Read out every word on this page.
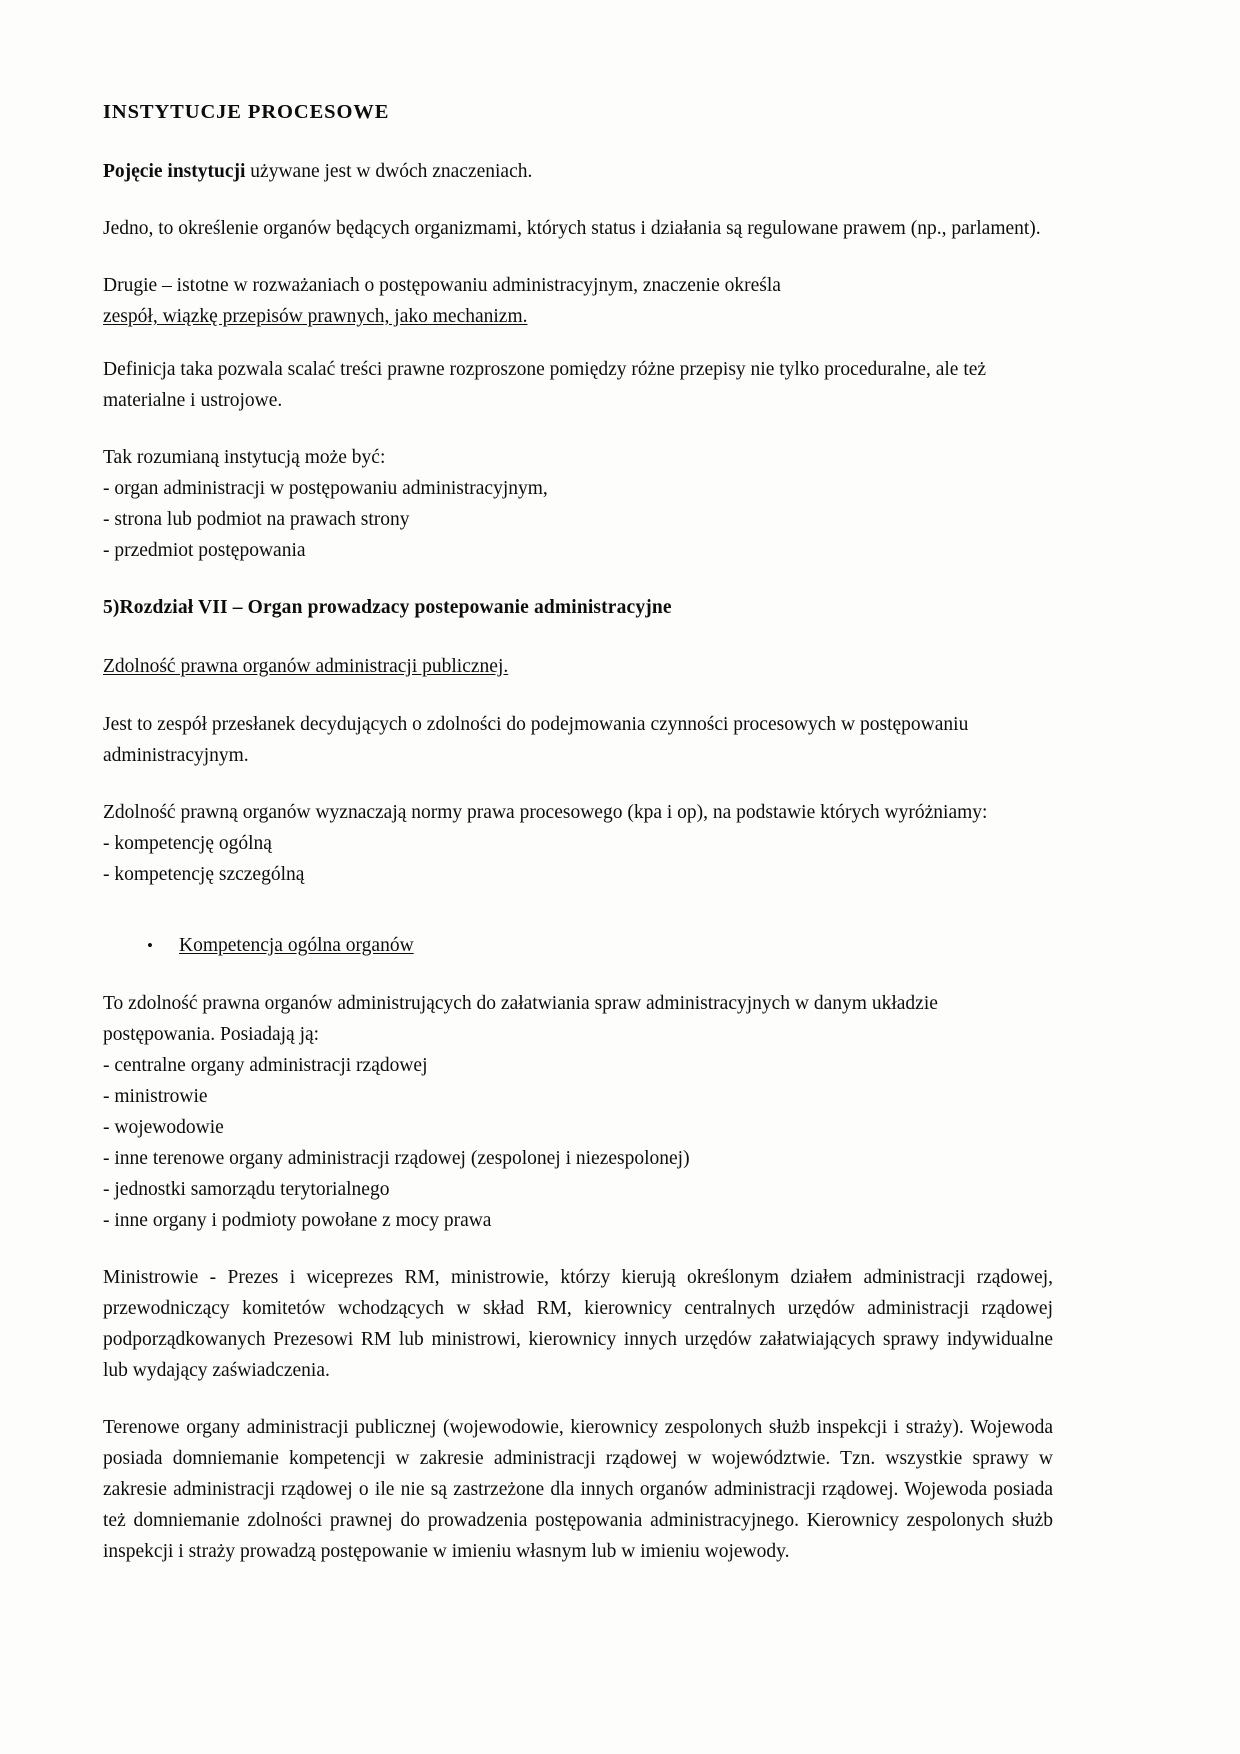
INSTYTUCJE PROCESOWE

Pojęcie instytucji używane jest w dwóch znaczeniach.

Jedno, to określenie organów będących organizmami, których status i działania są regulowane prawem (np., parlament).

Drugie – istotne w rozważaniach o postępowaniu administracyjnym, znaczenie określa
zespół, wiązkę przepisów prawnych, jako mechanizm.

Definicja taka pozwala scalać treści prawne rozproszone pomiędzy różne przepisy nie tylko proceduralne, ale też materialne i ustrojowe.

Tak rozumianą instytucją może być:

- organ administracji w postępowaniu administracyjnym,
- strona lub podmiot na prawach strony
- przedmiot postępowania

5)Rozdział VII – Organ prowadzacy postepowanie administracyjne

Zdolność prawna organów administracji publicznej.

Jest to zespół przesłanek decydujących o zdolności do podejmowania czynności procesowych w postępowaniu administracyjnym.

Zdolność prawną organów wyznaczają normy prawa procesowego (kpa i op), na podstawie których wyróżniamy:

- kompetencję ogólną
- kompetencję szczególną
•
Kompetencja ogólna organów

To zdolność prawna organów administrujących do załatwiania spraw administracyjnych w danym układzie postępowania. Posiadają ją:

- centralne organy administracji rządowej
- ministrowie
- wojewodowie
- inne terenowe organy administracji rządowej (zespolonej i niezespolonej)
- jednostki samorządu terytorialnego
- inne organy i podmioty powołane z mocy prawa

Ministrowie - Prezes i wiceprezes RM, ministrowie, którzy kierują określonym działem administracji rządowej, przewodniczący komitetów wchodzących w skład RM, kierownicy centralnych urzędów administracji rządowej podporządkowanych Prezesowi RM lub ministrowi, kierownicy innych urzędów załatwiających sprawy indywidualne lub wydający zaświadczenia.

Terenowe organy administracji publicznej (wojewodowie, kierownicy zespolonych służb inspekcji i straży). Wojewoda posiada domniemanie kompetencji w zakresie administracji rządowej w województwie. Tzn. wszystkie sprawy w zakresie administracji rządowej o ile nie są zastrzeżone dla innych organów administracji rządowej. Wojewoda posiada też domniemanie zdolności prawnej do prowadzenia postępowania administracyjnego. Kierownicy zespolonych służb inspekcji i straży prowadzą postępowanie w imieniu własnym lub w imieniu wojewody.
